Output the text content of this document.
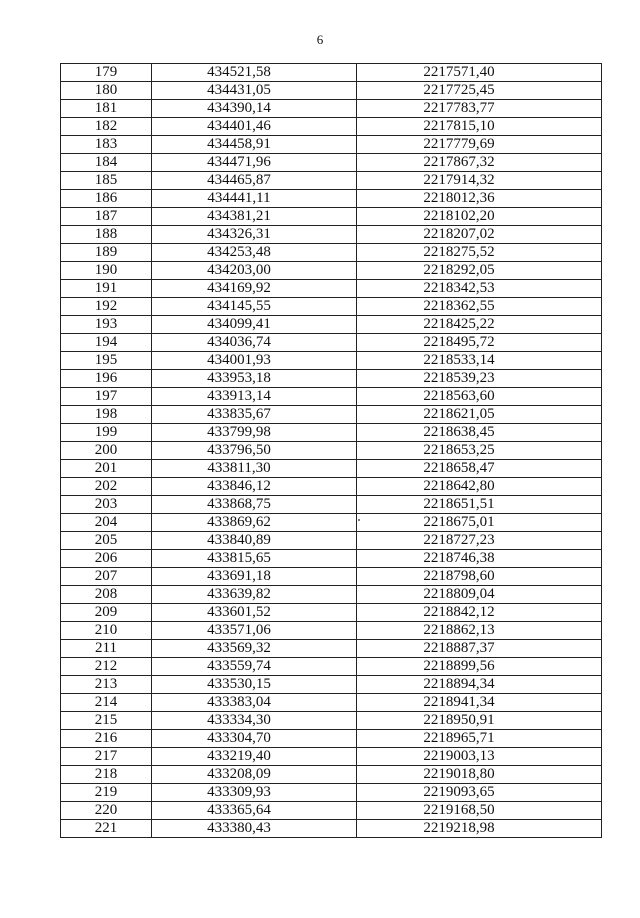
6
179	434521,58	2217571,40
180	434431,05	2217725,45
181	434390,14	2217783,77
182	434401,46	2217815,10
183	434458,91	2217779,69
184	434471,96	2217867,32
185	434465,87	2217914,32
186	434441,11	2218012,36
187	434381,21	2218102,20
188	434326,31	2218207,02
189	434253,48	2218275,52
190	434203,00	2218292,05
191	434169,92	2218342,53
192	434145,55	2218362,55
193	434099,41	2218425,22
194	434036,74	2218495,72
195	434001,93	2218533,14
196	433953,18	2218539,23
197	433913,14	2218563,60
198	433835,67	2218621,05
199	433799,98	2218638,45
200	433796,50	2218653,25
201	433811,30	2218658,47
202	433846,12	2218642,80
203	433868,75	2218651,51
204	433869,62	2218675,01
205	433840,89	2218727,23
206	433815,65	2218746,38
207	433691,18	2218798,60
208	433639,82	2218809,04
209	433601,52	2218842,12
210	433571,06	2218862,13
211	433569,32	2218887,37
212	433559,74	2218899,56
213	433530,15	2218894,34
214	433383,04	2218941,34
215	433334,30	2218950,91
216	433304,70	2218965,71
217	433219,40	2219003,13
218	433208,09	2219018,80
219	433309,93	2219093,65
220	433365,64	2219168,50
221	433380,43	2219218,98
